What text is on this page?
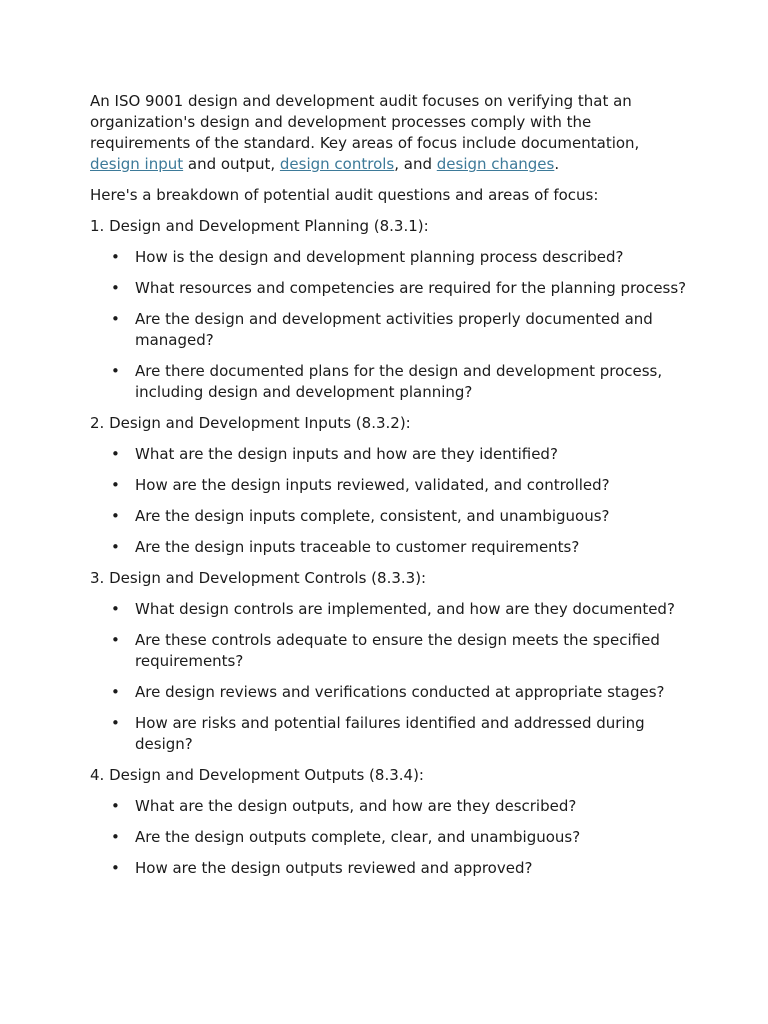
An ISO 9001 design and development audit focuses on verifying that an organization's design and development processes comply with the requirements of the standard. Key areas of focus include documentation, design input and output, design controls, and design changes.

Here's a breakdown of potential audit questions and areas of focus:

1. Design and Development Planning (8.3.1):

• How is the design and development planning process described?
• What resources and competencies are required for the planning process?
• Are the design and development activities properly documented and managed?
• Are there documented plans for the design and development process, including design and development planning?

2. Design and Development Inputs (8.3.2):

• What are the design inputs and how are they identified?
• How are the design inputs reviewed, validated, and controlled?
• Are the design inputs complete, consistent, and unambiguous?
• Are the design inputs traceable to customer requirements?

3. Design and Development Controls (8.3.3):

• What design controls are implemented, and how are they documented?
• Are these controls adequate to ensure the design meets the specified requirements?
• Are design reviews and verifications conducted at appropriate stages?
• How are risks and potential failures identified and addressed during design?

4. Design and Development Outputs (8.3.4):

• What are the design outputs, and how are they described?
• Are the design outputs complete, clear, and unambiguous?
• How are the design outputs reviewed and approved?
